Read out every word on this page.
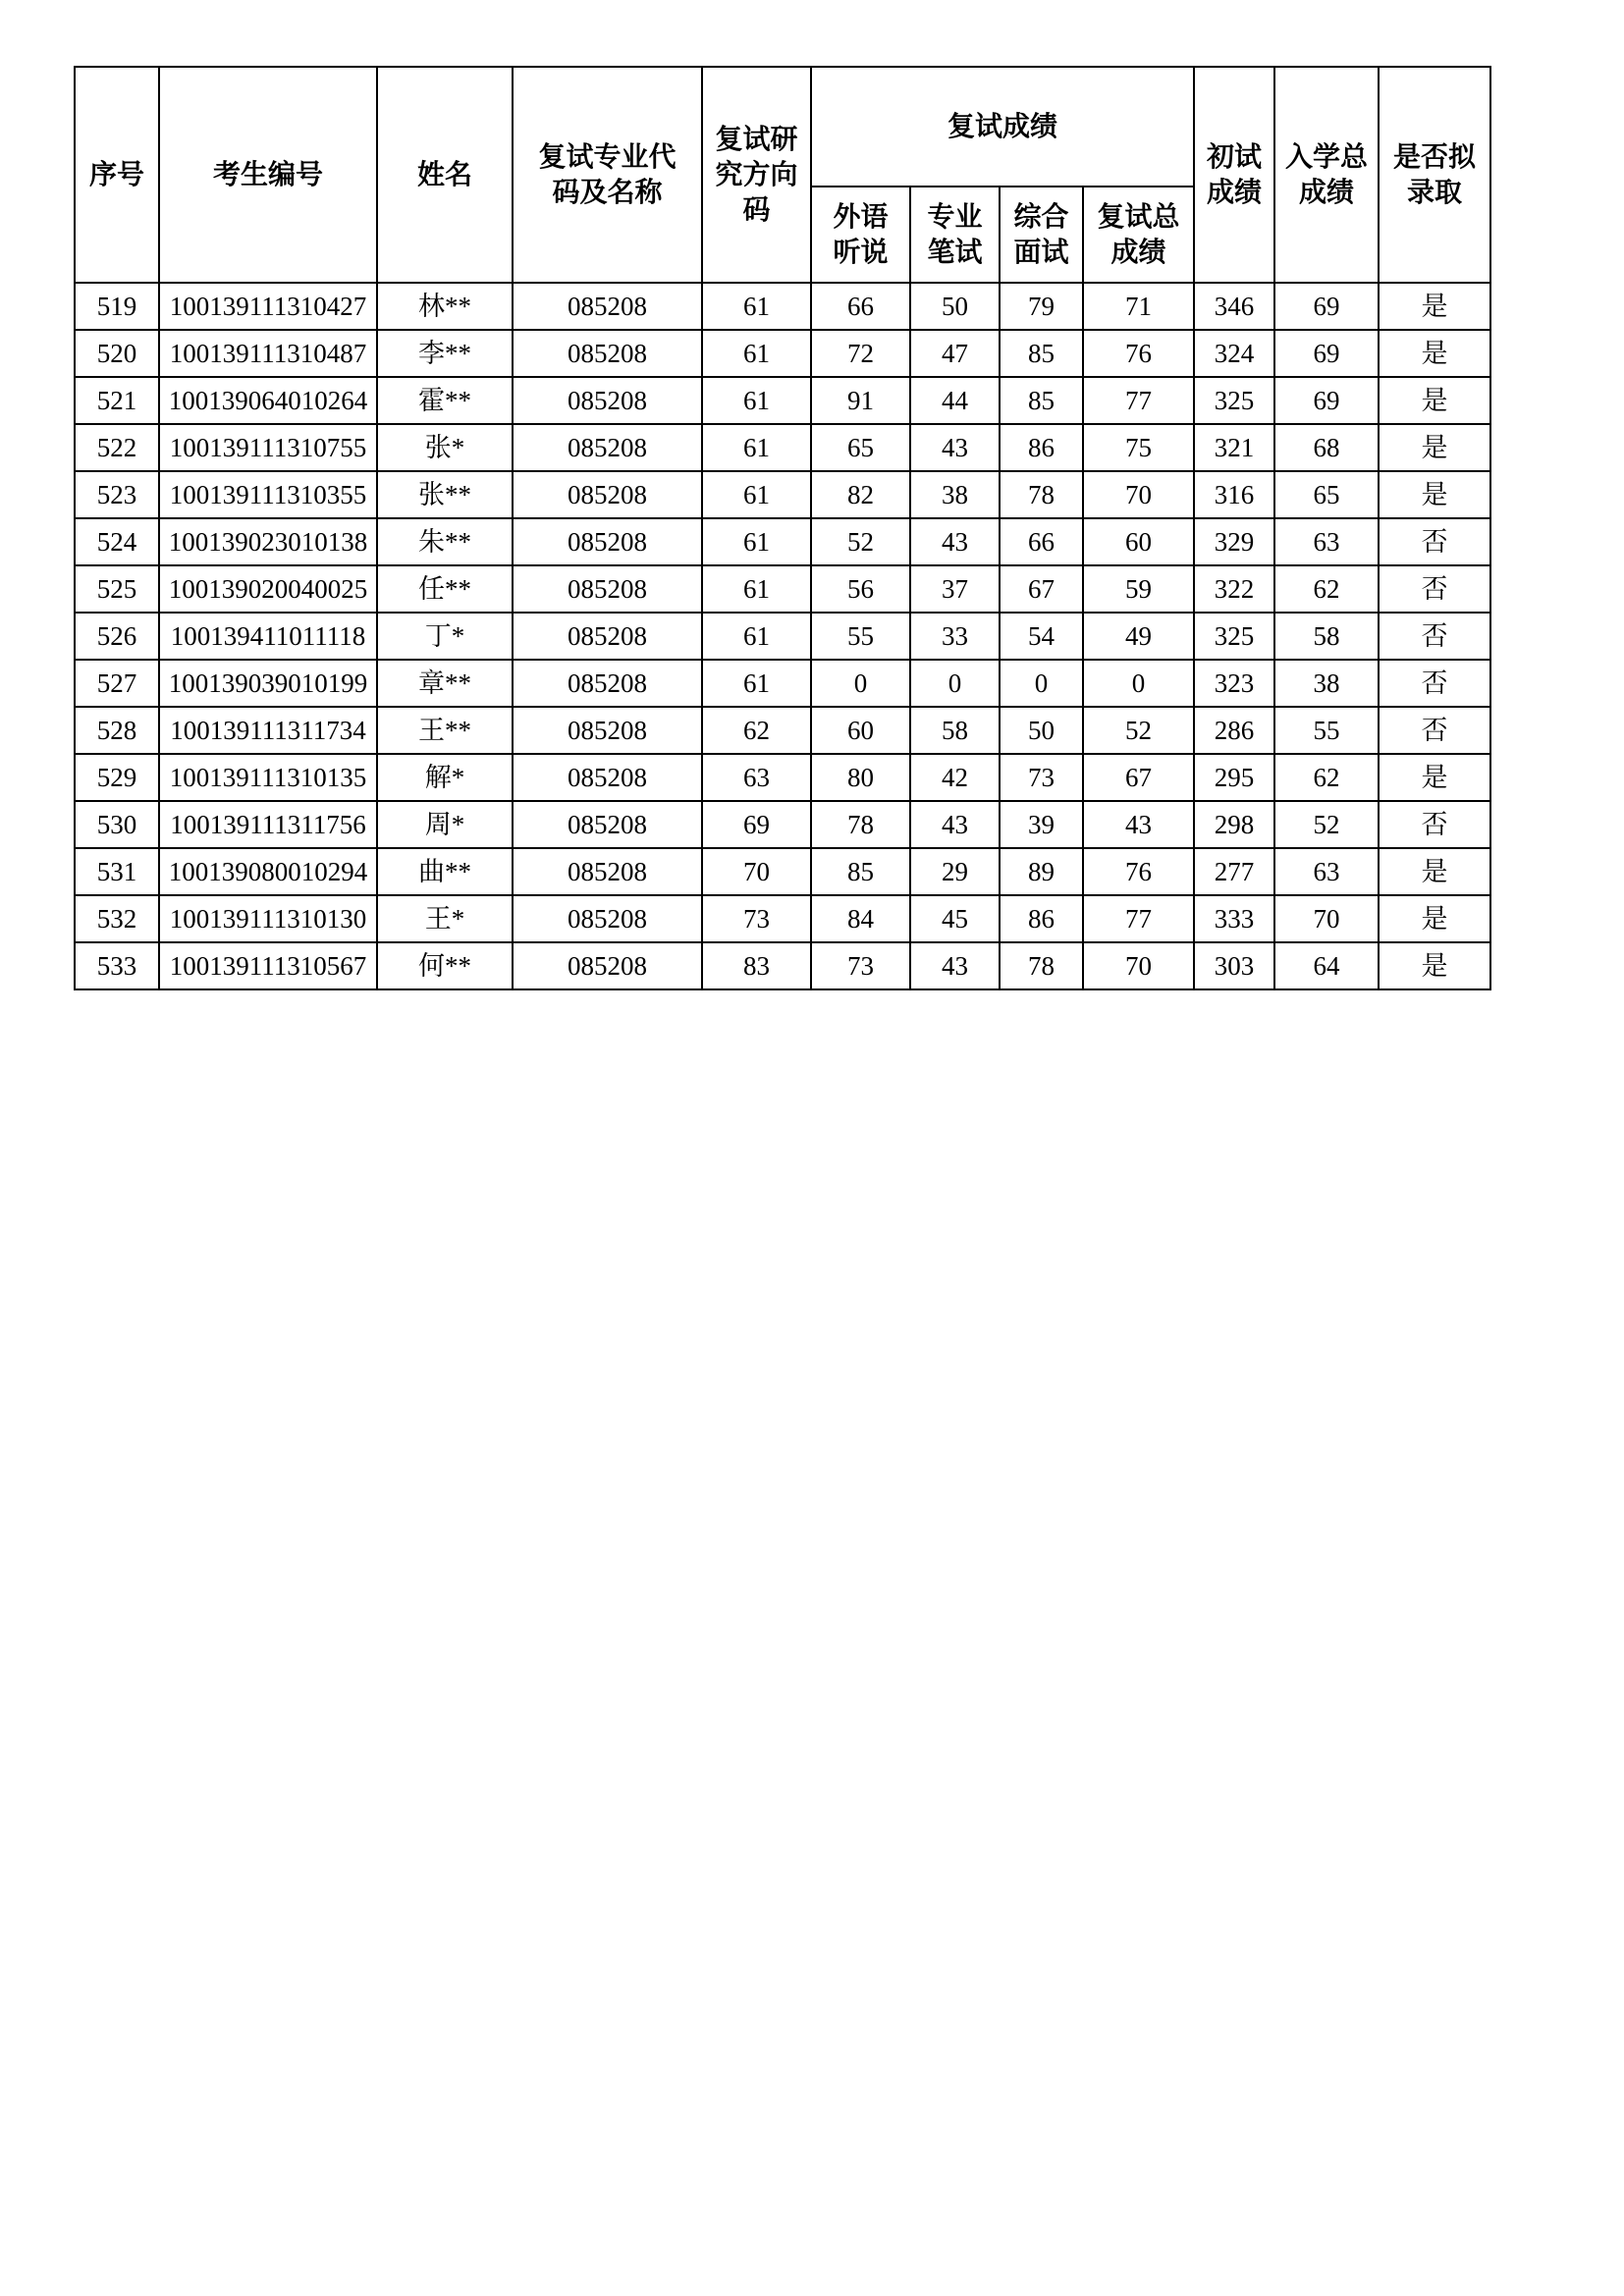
序号	考生编号	姓名	复试专业代码及名称	复试研究方向码	复试成绩				初试成绩	入学总成绩	是否拟录取
					外语听说	专业笔试	综合面试	复试总成绩			
519	100139111310427	林**	085208	61	66	50	79	71	346	69	是
520	100139111310487	李**	085208	61	72	47	85	76	324	69	是
521	100139064010264	霍**	085208	61	91	44	85	77	325	69	是
522	100139111310755	张*	085208	61	65	43	86	75	321	68	是
523	100139111310355	张**	085208	61	82	38	78	70	316	65	是
524	100139023010138	朱**	085208	61	52	43	66	60	329	63	否
525	100139020040025	任**	085208	61	56	37	67	59	322	62	否
526	100139411011118	丁*	085208	61	55	33	54	49	325	58	否
527	100139039010199	章**	085208	61	0	0	0	0	323	38	否
528	100139111311734	王**	085208	62	60	58	50	52	286	55	否
529	100139111310135	解*	085208	63	80	42	73	67	295	62	是
530	100139111311756	周*	085208	69	78	43	39	43	298	52	否
531	100139080010294	曲**	085208	70	85	29	89	76	277	63	是
532	100139111310130	王*	085208	73	84	45	86	77	333	70	是
533	100139111310567	何**	085208	83	73	43	78	70	303	64	是
